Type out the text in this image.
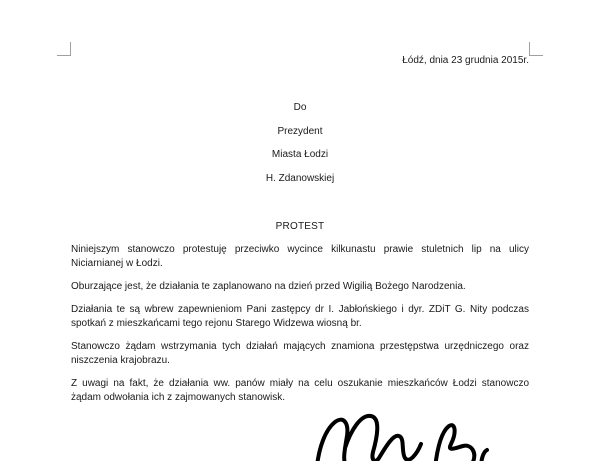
Łódź, dnia 23 grudnia 2015r.
Do
Prezydent
Miasta Łodzi
H. Zdanowskiej
PROTEST

Niniejszym stanowczo protestuję przeciwko wycince kilkunastu prawie stuletnich lip na ulicy Niciarnianej w Łodzi.

Oburzające jest, że działania te zaplanowano na dzień przed Wigilią Bożego Narodzenia.

Działania te są wbrew zapewnieniom Pani zastępcy dr I. Jabłońskiego i dyr. ZDiT G. Nity podczas spotkań z mieszkańcami tego rejonu Starego Widzewa wiosną br.

Stanowczo żądam wstrzymania tych działań mających znamiona przestępstwa urzędniczego oraz niszczenia krajobrazu.

Z uwagi na fakt, że działania ww. panów miały na celu oszukanie mieszkańców Łodzi stanowczo żądam odwołania ich z zajmowanych stanowisk.
